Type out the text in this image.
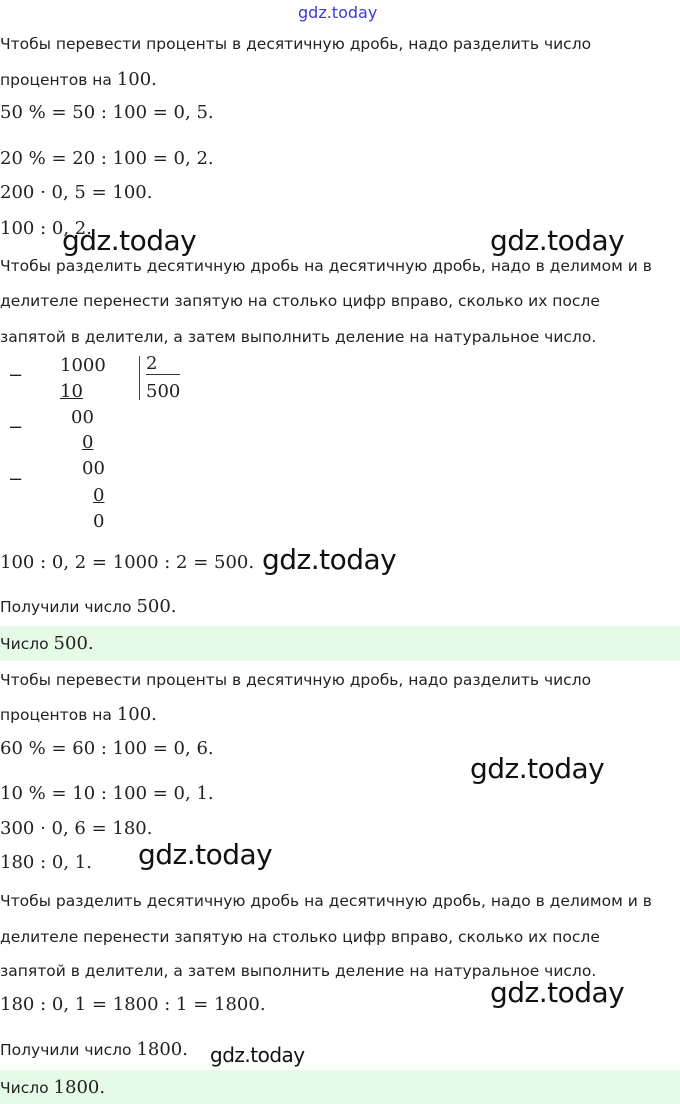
gdz.today
Чтобы перевести проценты в десятичную дробь, надо разделить число
процентов на 100.
50 % = 50 : 100 = 0, 5.
20 % = 20 : 100 = 0, 2.
200 · 0, 5 = 100.
100 : 0, 2.
Чтобы разделить десятичную дробь на десятичную дробь, надо в делимом и в
делителе перенести запятую на столько цифр вправо, сколько их после
запятой в делители, а затем выполнить деление на натуральное число.
gdz.today	gdz.today
− 1000
10
2
500
00
−
0
00
−
0
0
100 : 0, 2 = 1000 : 2 = 500. gdz.today
Получили число 500.
Число 500.
Чтобы перевести проценты в десятичную дробь, надо разделить число
процентов на 100.
60 % = 60 : 100 = 0, 6.
gdz.today
10 % = 10 : 100 = 0, 1.
300 · 0, 6 = 180.
180 : 0, 1. gdz.today
Чтобы разделить десятичную дробь на десятичную дробь, надо в делимом и в
делителе перенести запятую на столько цифр вправо, сколько их после
запятой в делители, а затем выполнить деление на натуральное число.
180 : 0, 1 = 1800 : 1 = 1800.	gdz.today
Получили число 1800. gdz.today
Число 1800.
